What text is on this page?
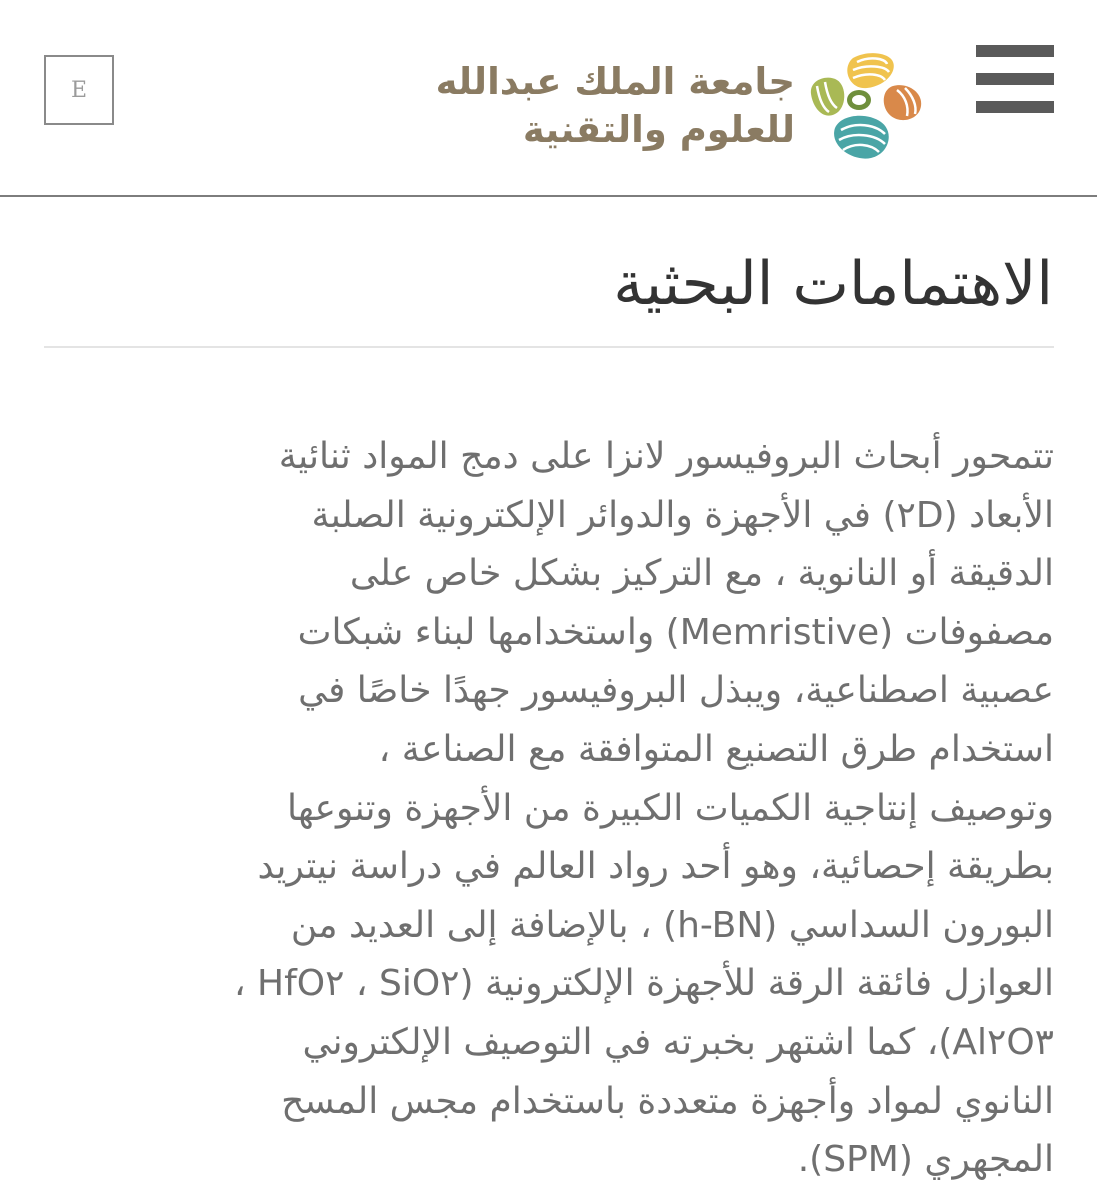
E	جامعة الملك عبدالله
للعلوم والتقنية
الاهتمامات البحثية
تتمحور أبحاث البروفيسور لانزا على دمج المواد ثنائية
الأبعاد (٢D) في الأجهزة والدوائر الإلكترونية الصلبة
الدقيقة أو النانوية ، مع التركيز بشكل خاص على
مصفوفات (Memristive) واستخدامها لبناء شبكات
عصبية اصطناعية، ويبذل البروفيسور جهدًا خاصًا في
استخدام طرق التصنيع المتوافقة مع الصناعة ،
وتوصيف إنتاجية الكميات الكبيرة من الأجهزة وتنوعها
بطريقة إحصائية، وهو أحد رواد العالم في دراسة نيتريد
البورون السداسي (h-BN) ، بالإضافة إلى العديد من
العوازل فائقة الرقة للأجهزة الإلكترونية (SiO٢ ، HfO٢ ،
Al٢O٣)، كما اشتهر بخبرته في التوصيف الإلكتروني
النانوي لمواد وأجهزة متعددة باستخدام مجس المسح
المجهري (SPM).
